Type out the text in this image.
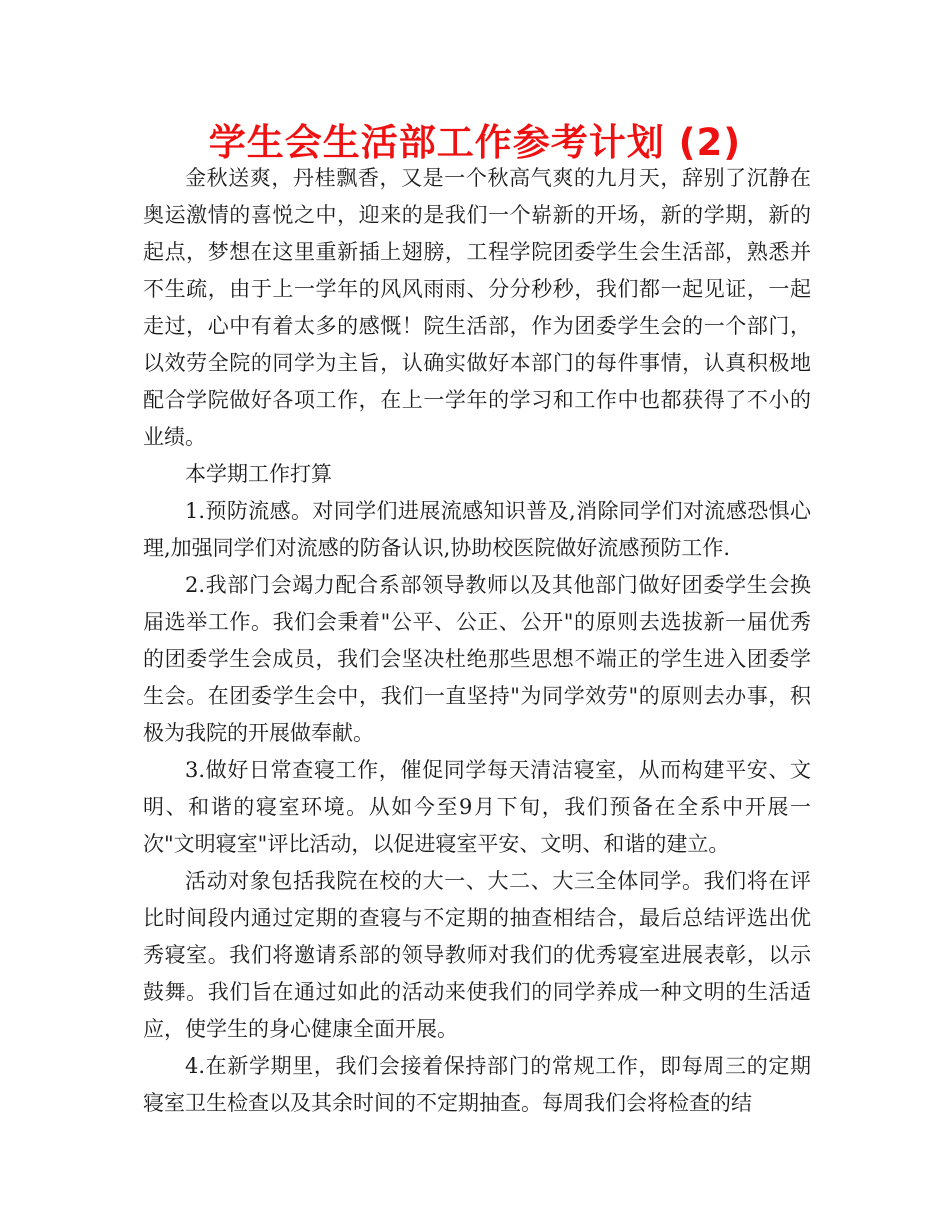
学生会生活部工作参考计划 (2)

金秋送爽，丹桂飘香，又是一个秋高气爽的九月天，辞别了沉静在奥运激情的喜悦之中，迎来的是我们一个崭新的开场，新的学期，新的起点，梦想在这里重新插上翅膀，工程学院团委学生会生活部，熟悉并不生疏，由于上一学年的风风雨雨、分分秒秒，我们都一起见证，一起走过，心中有着太多的感慨！院生活部，作为团委学生会的一个部门，以效劳全院的同学为主旨，认确实做好本部门的每件事情，认真积极地配合学院做好各项工作，在上一学年的学习和工作中也都获得了不小的业绩。

本学期工作打算

1.预防流感。对同学们进展流感知识普及,消除同学们对流感恐惧心理,加强同学们对流感的防备认识,协助校医院做好流感预防工作.

2.我部门会竭力配合系部领导教师以及其他部门做好团委学生会换届选举工作。我们会秉着"公平、公正、公开"的原则去选拔新一届优秀的团委学生会成员，我们会坚决杜绝那些思想不端正的学生进入团委学生会。在团委学生会中，我们一直坚持"为同学效劳"的原则去办事，积极为我院的开展做奉献。

3.做好日常查寝工作，催促同学每天清洁寝室，从而构建平安、文明、和谐的寝室环境。从如今至9月下旬，我们预备在全系中开展一次"文明寝室"评比活动，以促进寝室平安、文明、和谐的建立。

活动对象包括我院在校的大一、大二、大三全体同学。我们将在评比时间段内通过定期的查寝与不定期的抽查相结合，最后总结评选出优秀寝室。我们将邀请系部的领导教师对我们的优秀寝室进展表彰，以示鼓舞。我们旨在通过如此的活动来使我们的同学养成一种文明的生活适应，使学生的身心健康全面开展。

4.在新学期里，我们会接着保持部门的常规工作，即每周三的定期寝室卫生检查以及其余时间的不定期抽查。每周我们会将检查的结
